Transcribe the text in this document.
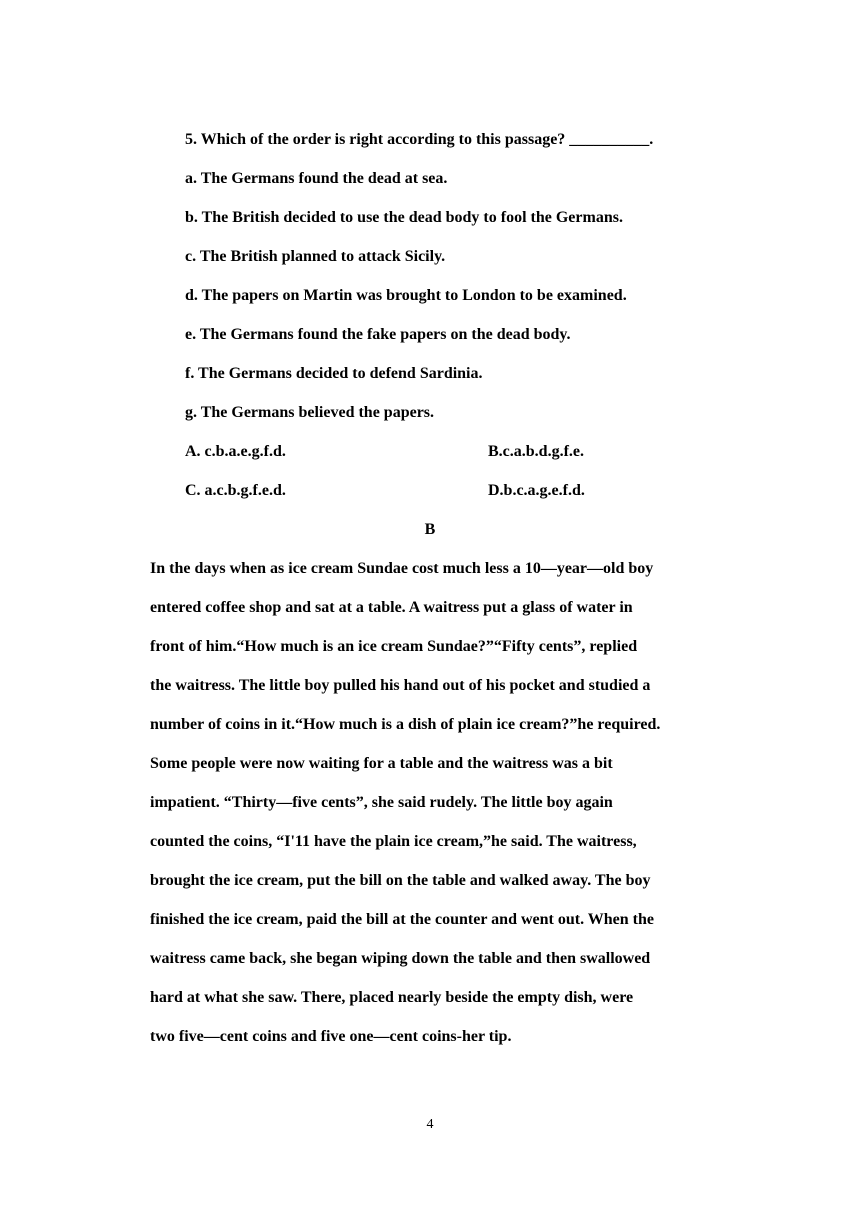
5. Which of the order is right according to this passage? __________.
a. The Germans found the dead at sea.
b. The British decided to use the dead body to fool the Germans.
c. The British planned to attack Sicily.
d. The papers on Martin was brought to London to be examined.
e. The Germans found the fake papers on the dead body.
f. The Germans decided to defend Sardinia.
g. The Germans believed the papers.
A. c.b.a.e.g.f.d.	B.c.a.b.d.g.f.e.
C. a.c.b.g.f.e.d.	D.b.c.a.g.e.f.d.
B
In the days when as ice cream Sundae cost much less a 10—year—old boy
entered coffee shop and sat at a table. A waitress put a glass of water in
front of him.“How much is an ice cream Sundae?”“Fifty cents”, replied
the waitress. The little boy pulled his hand out of his pocket and studied a
number of coins in it.“How much is a dish of plain ice cream?”he required.
Some people were now waiting for a table and the waitress was a bit
impatient. “Thirty—five cents”, she said rudely. The little boy again
counted the coins, “I'11 have the plain ice cream,”he said. The waitress,
brought the ice cream, put the bill on the table and walked away. The boy
finished the ice cream, paid the bill at the counter and went out. When the
waitress came back, she began wiping down the table and then swallowed
hard at what she saw. There, placed nearly beside the empty dish, were
two five—cent coins and five one—cent coins-her tip.
4
